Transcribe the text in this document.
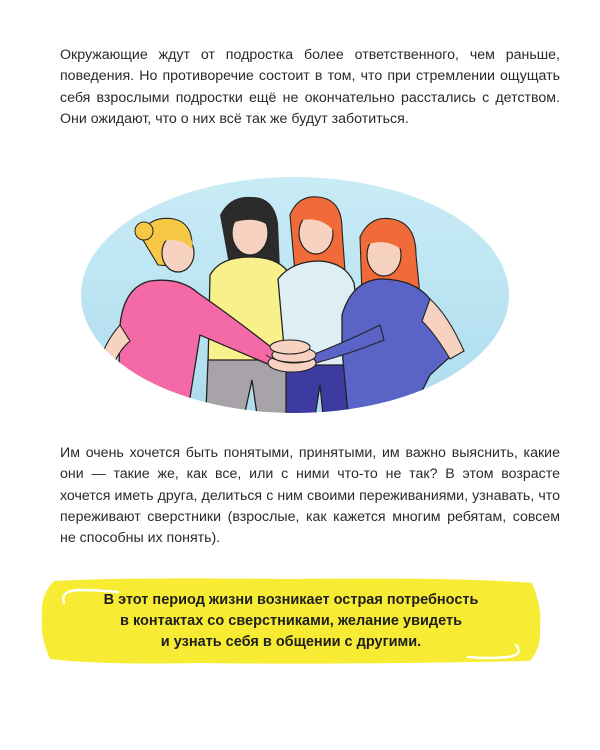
Окружающие ждут от подростка более ответственного, чем раньше, поведения. Но противоречие состоит в том, что при стремлении ощущать себя взрослыми подростки ещё не окончательно расстались с детством. Они ожидают, что о них всё так же будут заботиться.

Им очень хочется быть понятыми, принятыми, им важно выяснить, какие они — такие же, как все, или с ними что-то не так? В этом возрасте хочется иметь друга, делиться с ним своими переживаниями, узнавать, что переживают сверстники (взрослые, как кажется многим ребятам, совсем не способны их понять).

В этот период жизни возникает острая потребность
в контактах со сверстниками, желание увидеть
и узнать себя в общении с другими.
